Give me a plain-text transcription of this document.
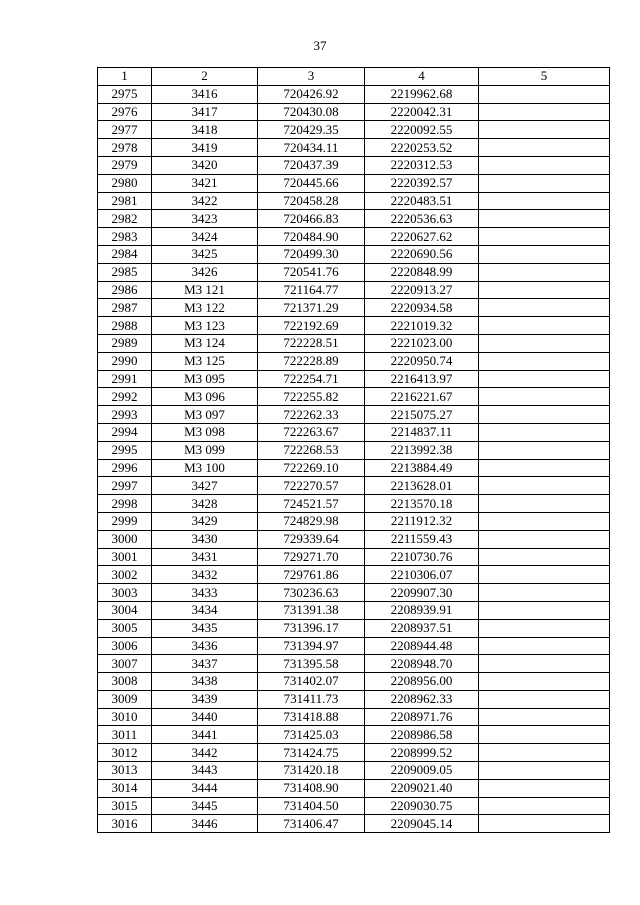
37
1	2	3	4	5
2975	3416	720426.92	2219962.68	
2976	3417	720430.08	2220042.31	
2977	3418	720429.35	2220092.55	
2978	3419	720434.11	2220253.52	
2979	3420	720437.39	2220312.53	
2980	3421	720445.66	2220392.57	
2981	3422	720458.28	2220483.51	
2982	3423	720466.83	2220536.63	
2983	3424	720484.90	2220627.62	
2984	3425	720499.30	2220690.56	
2985	3426	720541.76	2220848.99	
2986	М3 121	721164.77	2220913.27	
2987	М3 122	721371.29	2220934.58	
2988	М3 123	722192.69	2221019.32	
2989	М3 124	722228.51	2221023.00	
2990	М3 125	722228.89	2220950.74	
2991	М3 095	722254.71	2216413.97	
2992	М3 096	722255.82	2216221.67	
2993	М3 097	722262.33	2215075.27	
2994	М3 098	722263.67	2214837.11	
2995	М3 099	722268.53	2213992.38	
2996	М3 100	722269.10	2213884.49	
2997	3427	722270.57	2213628.01	
2998	3428	724521.57	2213570.18	
2999	3429	724829.98	2211912.32	
3000	3430	729339.64	2211559.43	
3001	3431	729271.70	2210730.76	
3002	3432	729761.86	2210306.07	
3003	3433	730236.63	2209907.30	
3004	3434	731391.38	2208939.91	
3005	3435	731396.17	2208937.51	
3006	3436	731394.97	2208944.48	
3007	3437	731395.58	2208948.70	
3008	3438	731402.07	2208956.00	
3009	3439	731411.73	2208962.33	
3010	3440	731418.88	2208971.76	
3011	3441	731425.03	2208986.58	
3012	3442	731424.75	2208999.52	
3013	3443	731420.18	2209009.05	
3014	3444	731408.90	2209021.40	
3015	3445	731404.50	2209030.75	
3016	3446	731406.47	2209045.14	
